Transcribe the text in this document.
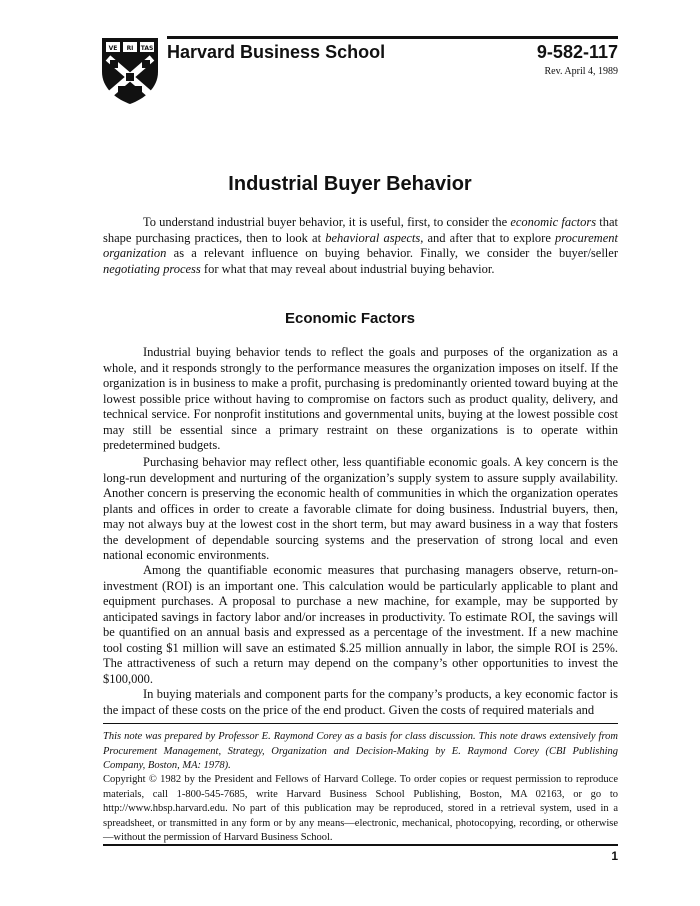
VE RI TAS Harvard Business School	9-582-117
Rev. April 4, 1989
Industrial Buyer Behavior

To understand industrial buyer behavior, it is useful, first, to consider the economic factors that shape purchasing practices, then to look at behavioral aspects, and after that to explore procurement organization as a relevant influence on buying behavior. Finally, we consider the buyer/seller negotiating process for what that may reveal about industrial buying behavior.

Economic Factors

Industrial buying behavior tends to reflect the goals and purposes of the organization as a whole, and it responds strongly to the performance measures the organization imposes on itself. If the organization is in business to make a profit, purchasing is predominantly oriented toward buying at the lowest possible price without having to compromise on factors such as product quality, delivery, and technical service. For nonprofit institutions and governmental units, buying at the lowest possible cost may still be essential since a primary restraint on these organizations is to operate within predetermined budgets.

Purchasing behavior may reflect other, less quantifiable economic goals. A key concern is the long-run development and nurturing of the organization’s supply system to assure supply availability. Another concern is preserving the economic health of communities in which the organization operates plants and offices in order to create a favorable climate for doing business. Industrial buyers, then, may not always buy at the lowest cost in the short term, but may award business in a way that fosters the development of dependable sourcing systems and the preservation of strong local and even national economic environments.

Among the quantifiable economic measures that purchasing managers observe, return-on-investment (ROI) is an important one. This calculation would be particularly applicable to plant and equipment purchases. A proposal to purchase a new machine, for example, may be supported by anticipated savings in factory labor and/or increases in productivity. To estimate ROI, the savings will be quantified on an annual basis and expressed as a percentage of the investment. If a new machine tool costing $1 million will save an estimated $.25 million annually in labor, the simple ROI is 25%. The attractiveness of such a return may depend on the company’s other opportunities to invest the $100,000.

In buying materials and component parts for the company’s products, a key economic factor is the impact of these costs on the price of the end product. Given the costs of required materials and

This note was prepared by Professor E. Raymond Corey as a basis for class discussion. This note draws extensively from Procurement Management, Strategy, Organization and Decision-Making by E. Raymond Corey (CBI Publishing Company, Boston, MA: 1978).

Copyright © 1982 by the President and Fellows of Harvard College. To order copies or request permission to reproduce materials, call 1-800-545-7685, write Harvard Business School Publishing, Boston, MA 02163, or go to http://www.hbsp.harvard.edu. No part of this publication may be reproduced, stored in a retrieval system, used in a spreadsheet, or transmitted in any form or by any means—electronic, mechanical, photocopying, recording, or otherwise—without the permission of Harvard Business School.

1
